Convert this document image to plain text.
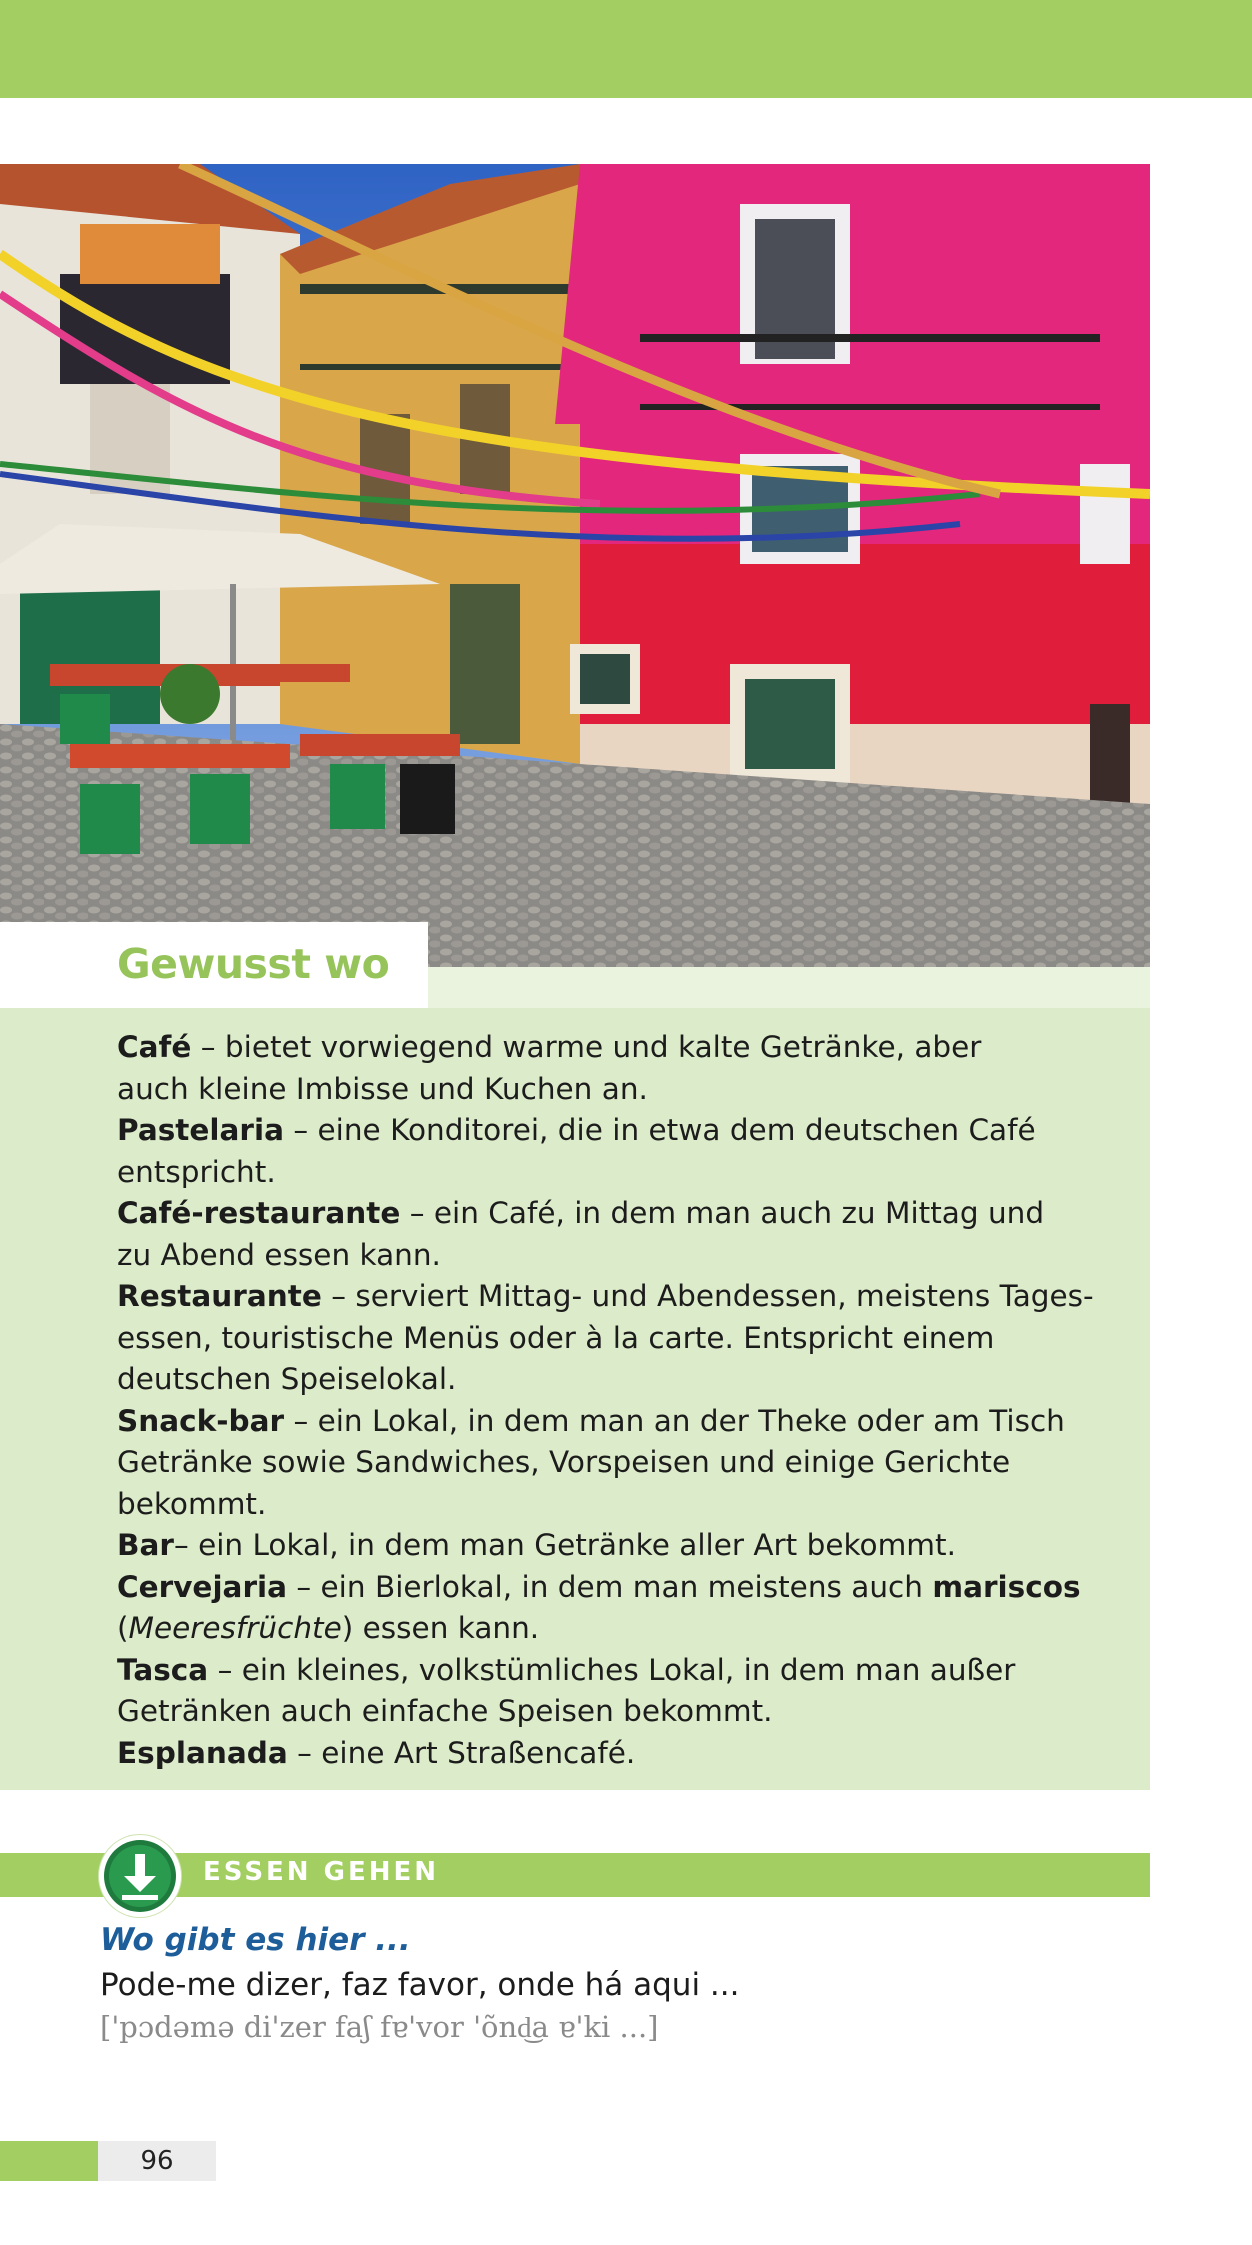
Gewusst wo

Café – bietet vorwiegend warme und kalte Getränke, aber

auch kleine Imbisse und Kuchen an.

Pastelaria – eine Konditorei, die in etwa dem deutschen Café

entspricht.

Café-restaurante – ein Café, in dem man auch zu Mittag und

zu Abend essen kann.

Restaurante – serviert Mittag- und Abendessen, meistens Tages-

essen, touristische Menüs oder à la carte. Entspricht einem

deutschen Speiselokal.

Snack-bar – ein Lokal, in dem man an der Theke oder am Tisch

Getränke sowie Sandwiches, Vorspeisen und einige Gerichte

bekommt.

Bar– ein Lokal, in dem man Getränke aller Art bekommt.

Cervejaria – ein Bierlokal, in dem man meistens auch mariscos

(Meeresfrüchte) essen kann.

Tasca – ein kleines, volkstümliches Lokal, in dem man außer

Getränken auch einfache Speisen bekommt.

Esplanada – eine Art Straßencafé.

ESSEN GEHEN
Wo gibt es hier ...
Pode-me dizer, faz favor, onde há aqui ...
['pɔdəmə di'zer faʃ fɐ'vor 'õnd͜a ɐ'ki ...]
96
